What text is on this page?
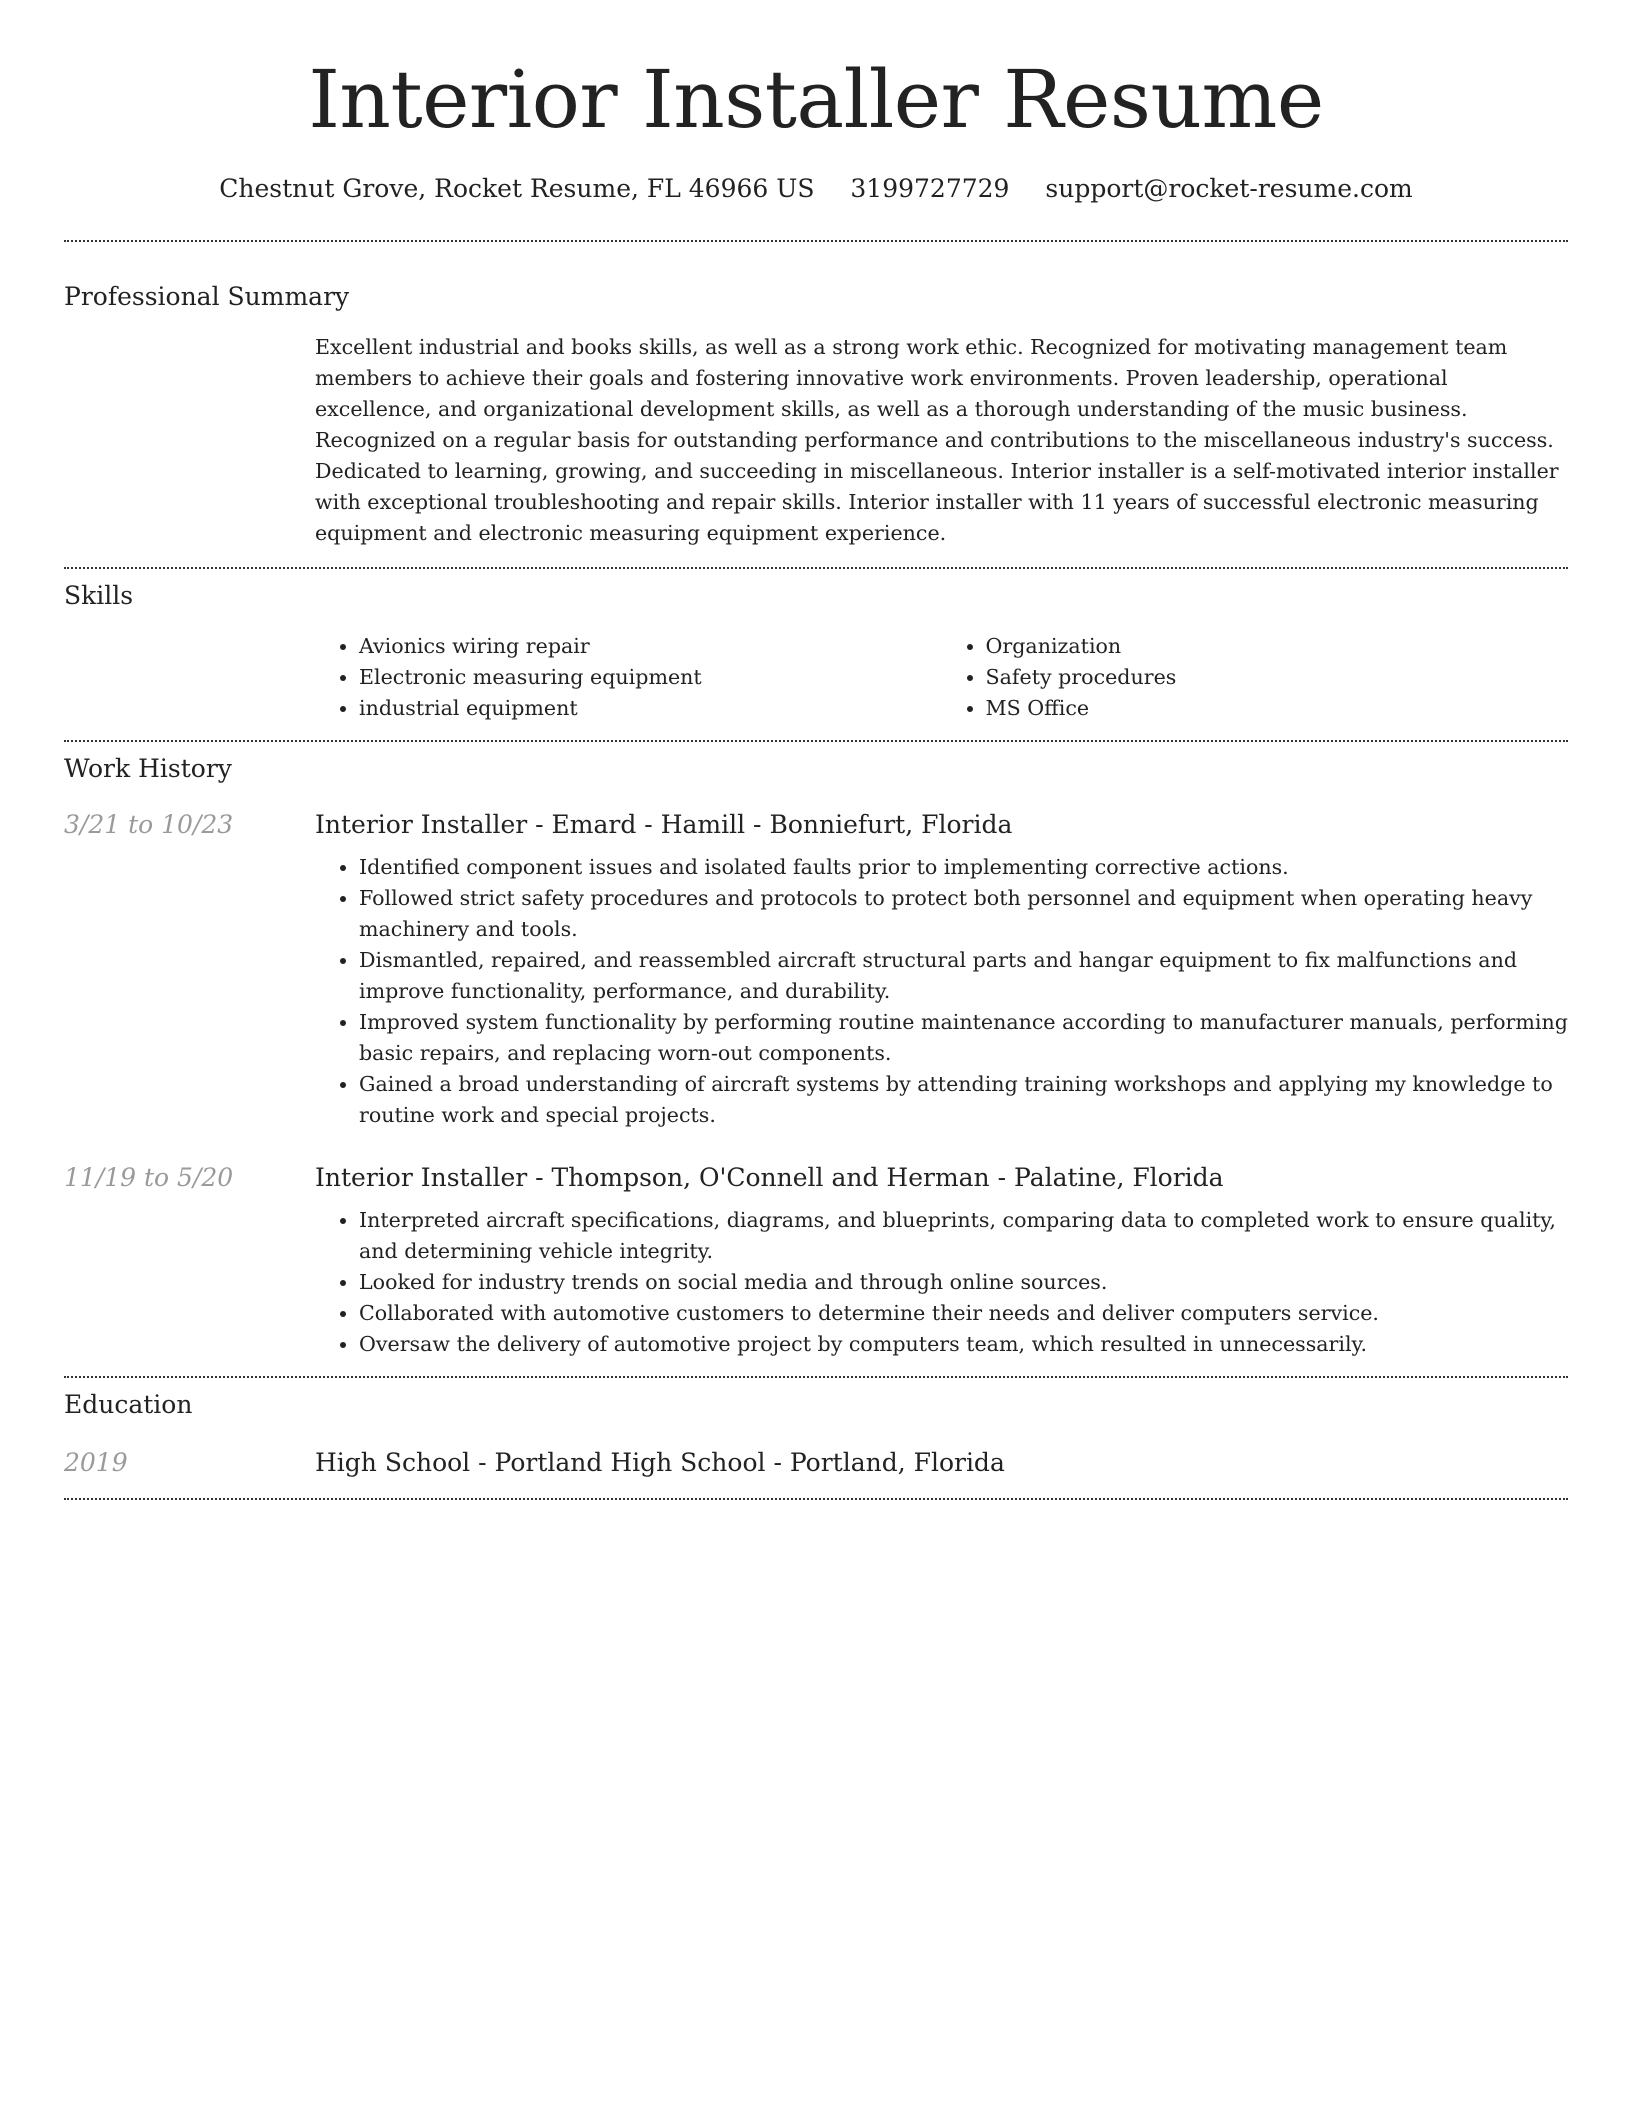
Interior Installer Resume
Chestnut Grove, Rocket Resume, FL 46966 US 3199727729 support@rocket-resume.com
Professional Summary

Excellent industrial and books skills, as well as a strong work ethic. Recognized for motivating management team members to achieve their goals and fostering innovative work environments. Proven leadership, operational excellence, and organizational development skills, as well as a thorough understanding of the music business. Recognized on a regular basis for outstanding performance and contributions to the miscellaneous industry's success. Dedicated to learning, growing, and succeeding in miscellaneous. Interior installer is a self-motivated interior installer with exceptional troubleshooting and repair skills. Interior installer with 11 years of successful electronic measuring equipment and electronic measuring equipment experience.

Skills
• Avionics wiring repair
• Electronic measuring equipment
• industrial equipment
• Organization
• Safety procedures
• MS Office
Work History
3/21 to 10/23	Interior Installer - Emard - Hamill - Bonniefurt, Florida
• Identified component issues and isolated faults prior to implementing corrective actions.
• Followed strict safety procedures and protocols to protect both personnel and equipment when operating heavy machinery and tools.
• Dismantled, repaired, and reassembled aircraft structural parts and hangar equipment to fix malfunctions and improve functionality, performance, and durability.
• Improved system functionality by performing routine maintenance according to manufacturer manuals, performing basic repairs, and replacing worn-out components.
• Gained a broad understanding of aircraft systems by attending training workshops and applying my knowledge to routine work and special projects.
11/19 to 5/20	Interior Installer - Thompson, O'Connell and Herman - Palatine, Florida
• Interpreted aircraft specifications, diagrams, and blueprints, comparing data to completed work to ensure quality, and determining vehicle integrity.
• Looked for industry trends on social media and through online sources.
• Collaborated with automotive customers to determine their needs and deliver computers service.
• Oversaw the delivery of automotive project by computers team, which resulted in unnecessarily.
Education
2019	High School - Portland High School - Portland, Florida
